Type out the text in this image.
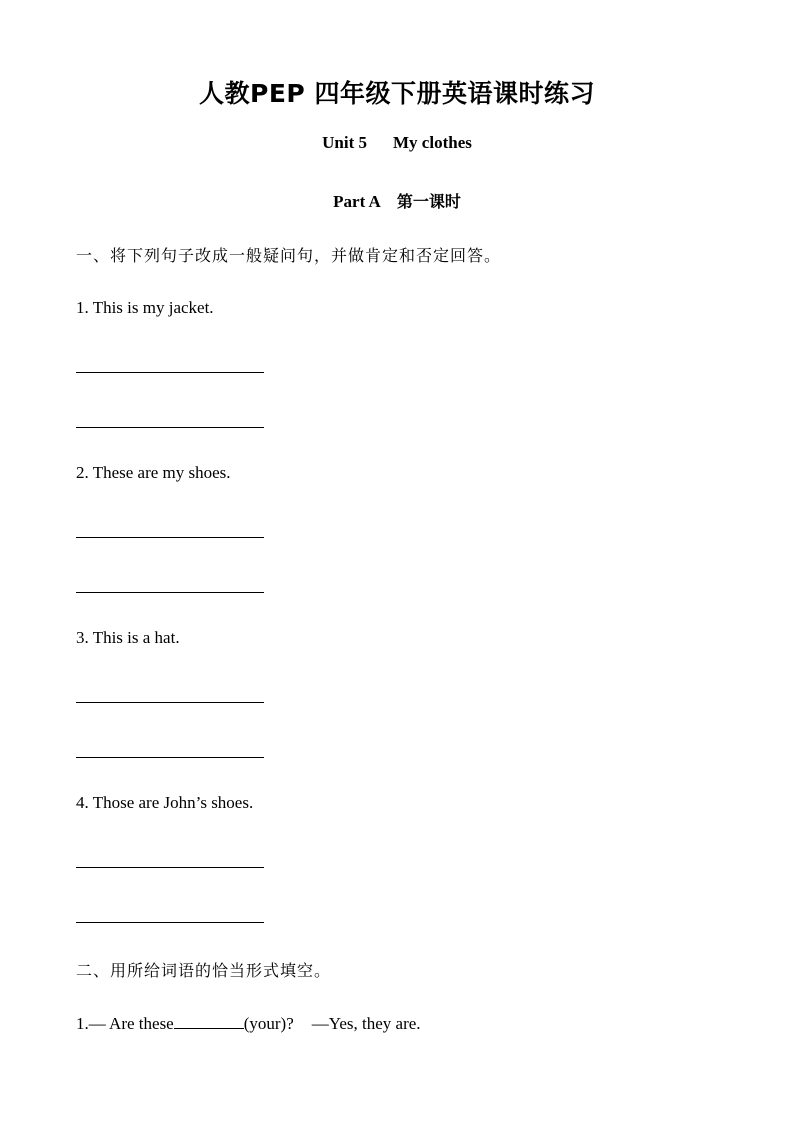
人教PEP 四年级下册英语课时练习
Unit 5 My clothes
Part A 第一课时
一、将下列句子改成一般疑问句，并做肯定和否定回答。
1. This is my jacket.
2. These are my shoes.
3. This is a hat.
4. Those are John’s shoes.
二、用所给词语的恰当形式填空。
1.— Are these	(your)? —Yes, they are.
